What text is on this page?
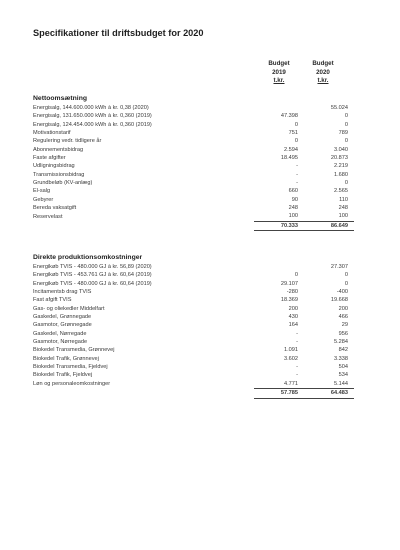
Specifikationer til driftsbudget for 2020
Budget
2019
t.kr.
Budget
2020
t.kr.
Nettoomsætning
Energisalg, 144.600.000 kWh à kr. 0,38 (2020)		55.024
Energisalg, 131.650.000 kWh à kr. 0,360 (2019)	47.398	0
Energisalg, 124.454.000 kWh à kr. 0,360 (2019)	0	0
Motivationstarif	751	789
Regulering vedr. tidligere år	0	0
Abonnementsbidrag	2.594	3.040
Faste afgifter	18.495	20.873
Udligningsbidrag	-	2.219
Transmissionsbidrag	-	1.680
Grundbeløb (KV-anlæg)	-	0
El-salg	660	2.565
Gebyrer	90	110
Bereda vaksatgift	248	248
Reservelast	100	100
	70.333	86.649
Direkte produktionsomkostninger
Energikøb TVIS - 480.000 GJ à kr. 56,89 (2020)		27.307
Energikøb TVIS - 453.761 GJ à kr. 60,64 (2019)	0	0
Energikøb TVIS - 480.000 GJ à kr. 60,64 (2019)	29.107	0
Incitamentsb drag TVIS	-280	-400
Fast afgift TVIS	18.369	19.668
Gas- og oliekedler Middelfart	200	200
Gaskedel, Grønnegade	430	466
Gasmotor, Grønnegade	164	29
Gaskedel, Nørregade	-	956
Gasmotor, Nørregade	-	5.284
Biokedel Transmedia, Grønnevej	1.091	842
Biokedel Trafik, Grønnevej	3.602	3.338
Biokedel Transmedia, Fjeldvej	-	504
Biokedel Trafik, Fjeldvej	-	534
Løn og personaleomkostninger	4.771	5.144
	57.785	64.483
